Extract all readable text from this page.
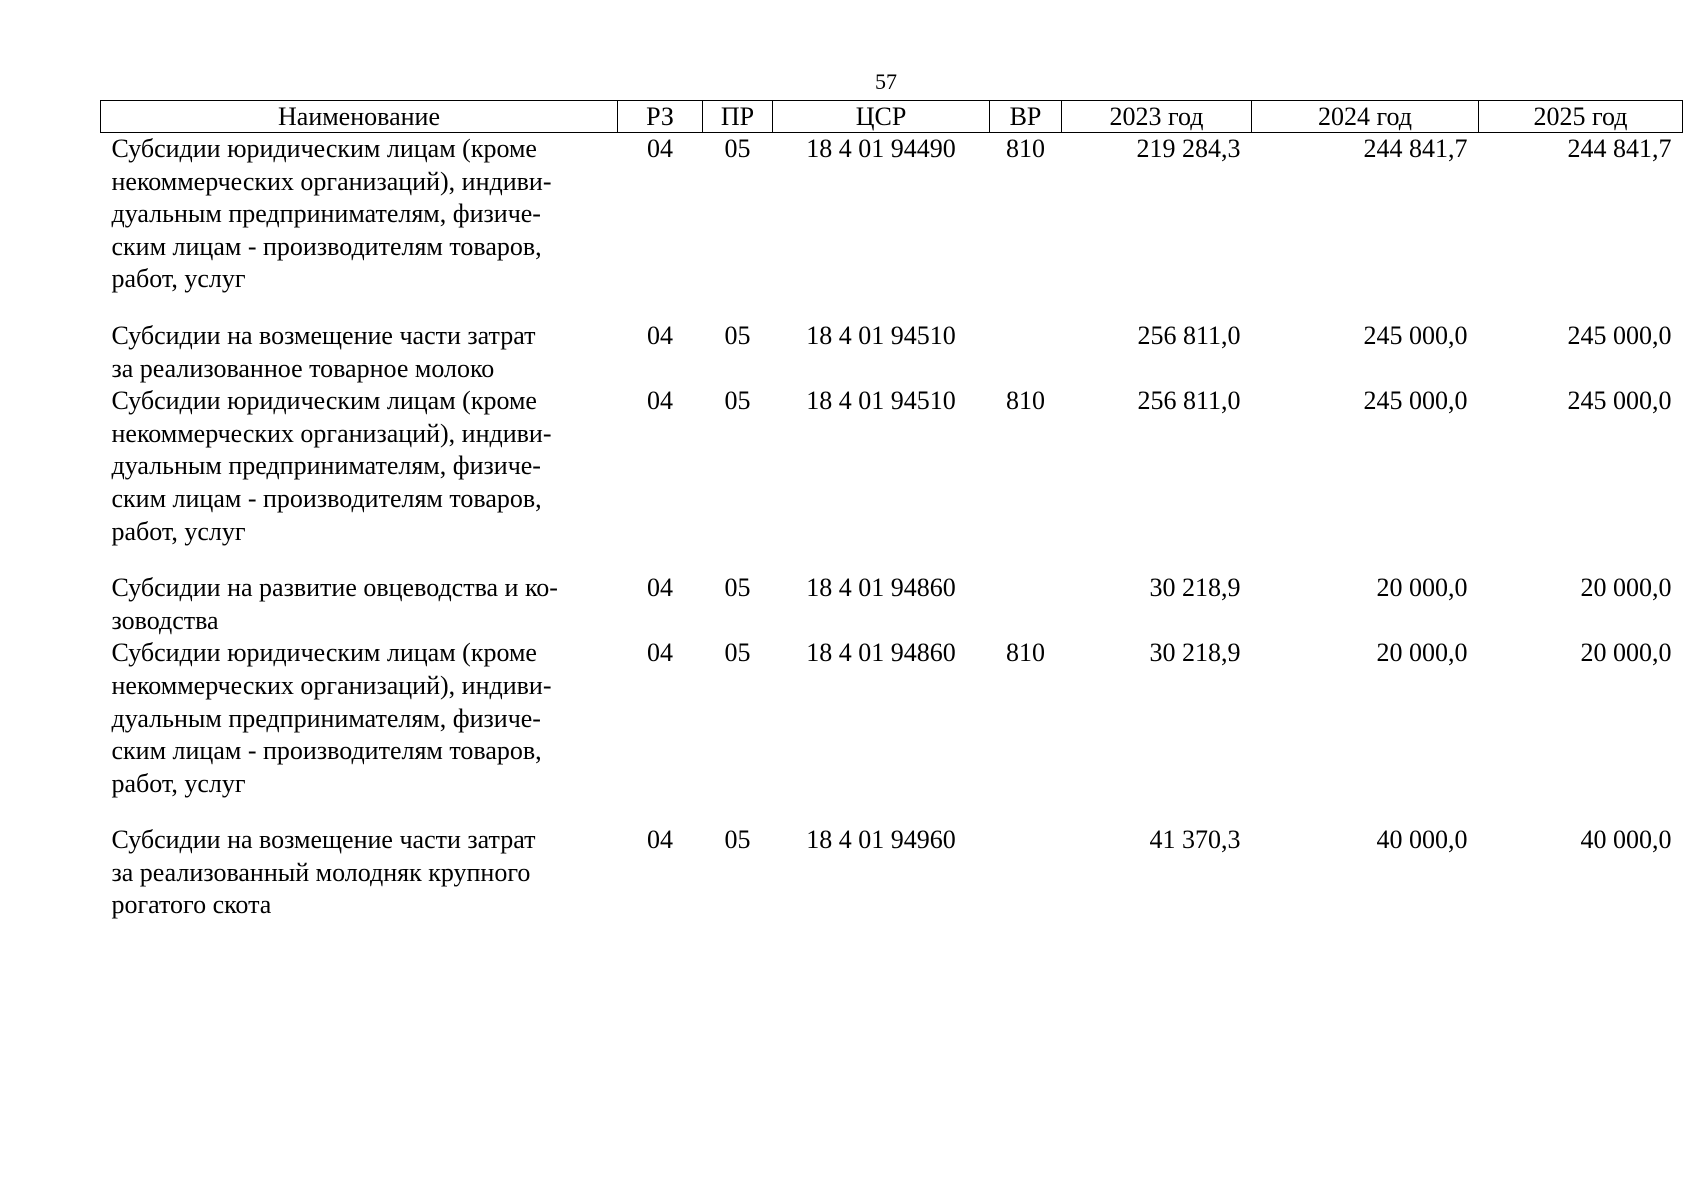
57
Наименование	РЗ	ПР	ЦСР	ВР	2023 год	2024 год	2025 год
Субсидии юридическим лицам (кроме
некоммерческих организаций), индиви-
дуальным предпринимателям, физиче-
ским лицам - производителям товаров,
работ, услуг	04	05	18 4 01 94490	810	219 284,3	244 841,7	244 841,7
Субсидии на возмещение части затрат
за реализованное товарное молоко	04	05	18 4 01 94510		256 811,0	245 000,0	245 000,0
Субсидии юридическим лицам (кроме
некоммерческих организаций), индиви-
дуальным предпринимателям, физиче-
ским лицам - производителям товаров,
работ, услуг	04	05	18 4 01 94510	810	256 811,0	245 000,0	245 000,0
Субсидии на развитие овцеводства и ко-
зоводства	04	05	18 4 01 94860		30 218,9	20 000,0	20 000,0
Субсидии юридическим лицам (кроме
некоммерческих организаций), индиви-
дуальным предпринимателям, физиче-
ским лицам - производителям товаров,
работ, услуг	04	05	18 4 01 94860	810	30 218,9	20 000,0	20 000,0
Субсидии на возмещение части затрат
за реализованный молодняк крупного
рогатого скота	04	05	18 4 01 94960		41 370,3	40 000,0	40 000,0
